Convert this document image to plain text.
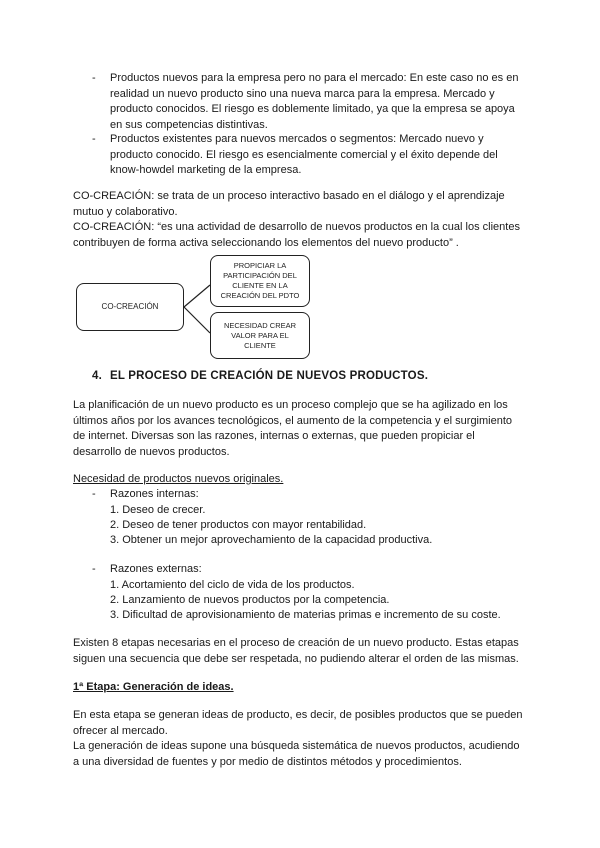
- Productos nuevos para la empresa pero no para el mercado: En este caso no es en
realidad un nuevo producto sino una nueva marca para la empresa. Mercado y
producto conocidos. El riesgo es doblemente limitado, ya que la empresa se apoya
en sus competencias distintivas.
- Productos existentes para nuevos mercados o segmentos: Mercado nuevo y
producto conocido. El riesgo es esencialmente comercial y el éxito depende del
know-howdel marketing de la empresa.
CO-CREACIÓN: se trata de un proceso interactivo basado en el diálogo y el aprendizaje
mutuo y colaborativo.
CO-CREACIÓN: “es una actividad de desarrollo de nuevos productos en la cual los clientes
contribuyen de forma activa seleccionando los elementos del nuevo producto” .
CO-CREACIÓN
PROPICIAR LA
PARTICIPACIÓN DEL
CLIENTE EN LA
CREACIÓN DEL PDTO
NECESIDAD CREAR
VALOR PARA EL
CLIENTE
4. EL PROCESO DE CREACIÓN DE NUEVOS PRODUCTOS.
La planificación de un nuevo producto es un proceso complejo que se ha agilizado en los
últimos años por los avances tecnológicos, el aumento de la competencia y el surgimiento
de internet. Diversas son las razones, internas o externas, que pueden propiciar el
desarrollo de nuevos productos.
Necesidad de productos nuevos originales.
- Razones internas:
1. Deseo de crecer.
2. Deseo de tener productos con mayor rentabilidad.
3. Obtener un mejor aprovechamiento de la capacidad productiva.
- Razones externas:
1. Acortamiento del ciclo de vida de los productos.
2. Lanzamiento de nuevos productos por la competencia.
3. Dificultad de aprovisionamiento de materias primas e incremento de su coste.
Existen 8 etapas necesarias en el proceso de creación de un nuevo producto. Estas etapas
siguen una secuencia que debe ser respetada, no pudiendo alterar el orden de las mismas.
1ª Etapa: Generación de ideas.
En esta etapa se generan ideas de producto, es decir, de posibles productos que se pueden
ofrecer al mercado.
La generación de ideas supone una búsqueda sistemática de nuevos productos, acudiendo
a una diversidad de fuentes y por medio de distintos métodos y procedimientos.
